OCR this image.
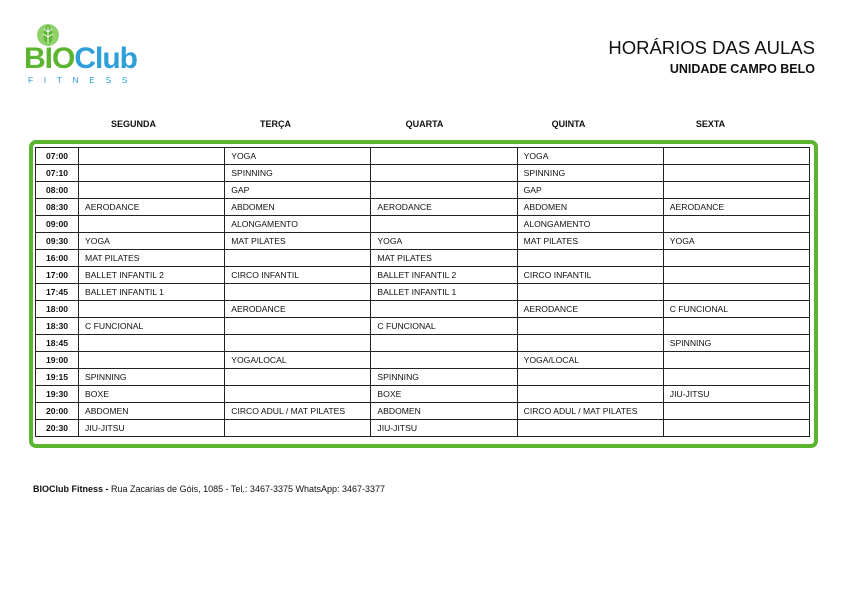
BIOClub
FITNESS
HORÁRIOS DAS AULAS
UNIDADE CAMPO BELO
SEGUNDA	TERÇA	QUARTA	QUINTA	SEXTA
07:00		YOGA		YOGA	
07:10		SPINNING		SPINNING	
08:00		GAP		GAP	
08:30	AERODANCE	ABDOMEN	AERODANCE	ABDOMEN	AERODANCE
09:00		ALONGAMENTO		ALONGAMENTO	
09:30	YOGA	MAT PILATES	YOGA	MAT PILATES	YOGA
16:00	MAT PILATES		MAT PILATES		
17:00	BALLET INFANTIL 2	CIRCO INFANTIL	BALLET INFANTIL 2	CIRCO INFANTIL	
17:45	BALLET INFANTIL 1		BALLET INFANTIL 1		
18:00		AERODANCE		AERODANCE	C FUNCIONAL
18:30	C FUNCIONAL		C FUNCIONAL		
18:45					SPINNING
19:00		YOGA/LOCAL		YOGA/LOCAL	
19:15	SPINNING		SPINNING		
19:30	BOXE		BOXE		JIU-JITSU
20:00	ABDOMEN	CIRCO ADUL / MAT PILATES	ABDOMEN	CIRCO ADUL / MAT PILATES	
20:30	JIU-JITSU		JIU-JITSU		
BIOClub Fitness - Rua Zacarias de Góis, 1085 - Tel.: 3467-3375 WhatsApp: 3467-3377
